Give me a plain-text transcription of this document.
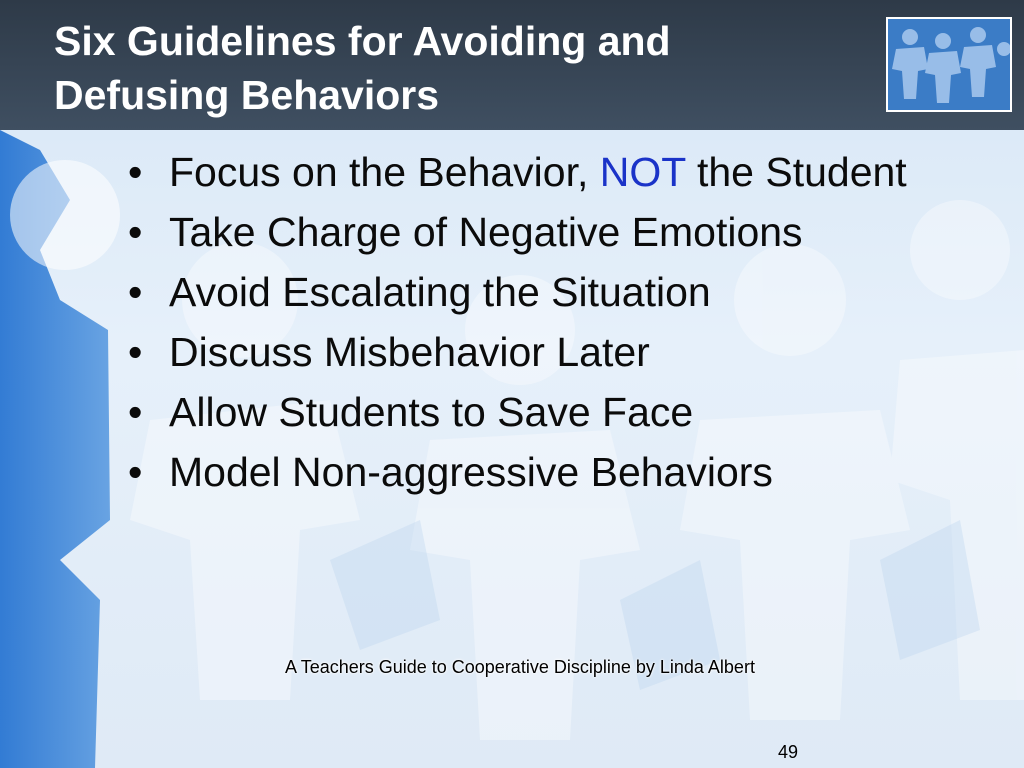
Six Guidelines for Avoiding and
Defusing Behaviors
• Focus on the Behavior, NOT the Student
• Take Charge of Negative Emotions
• Avoid Escalating the Situation
• Discuss Misbehavior Later
• Allow Students to Save Face
• Model Non-aggressive Behaviors
A Teachers Guide to Cooperative Discipline by Linda Albert
49
